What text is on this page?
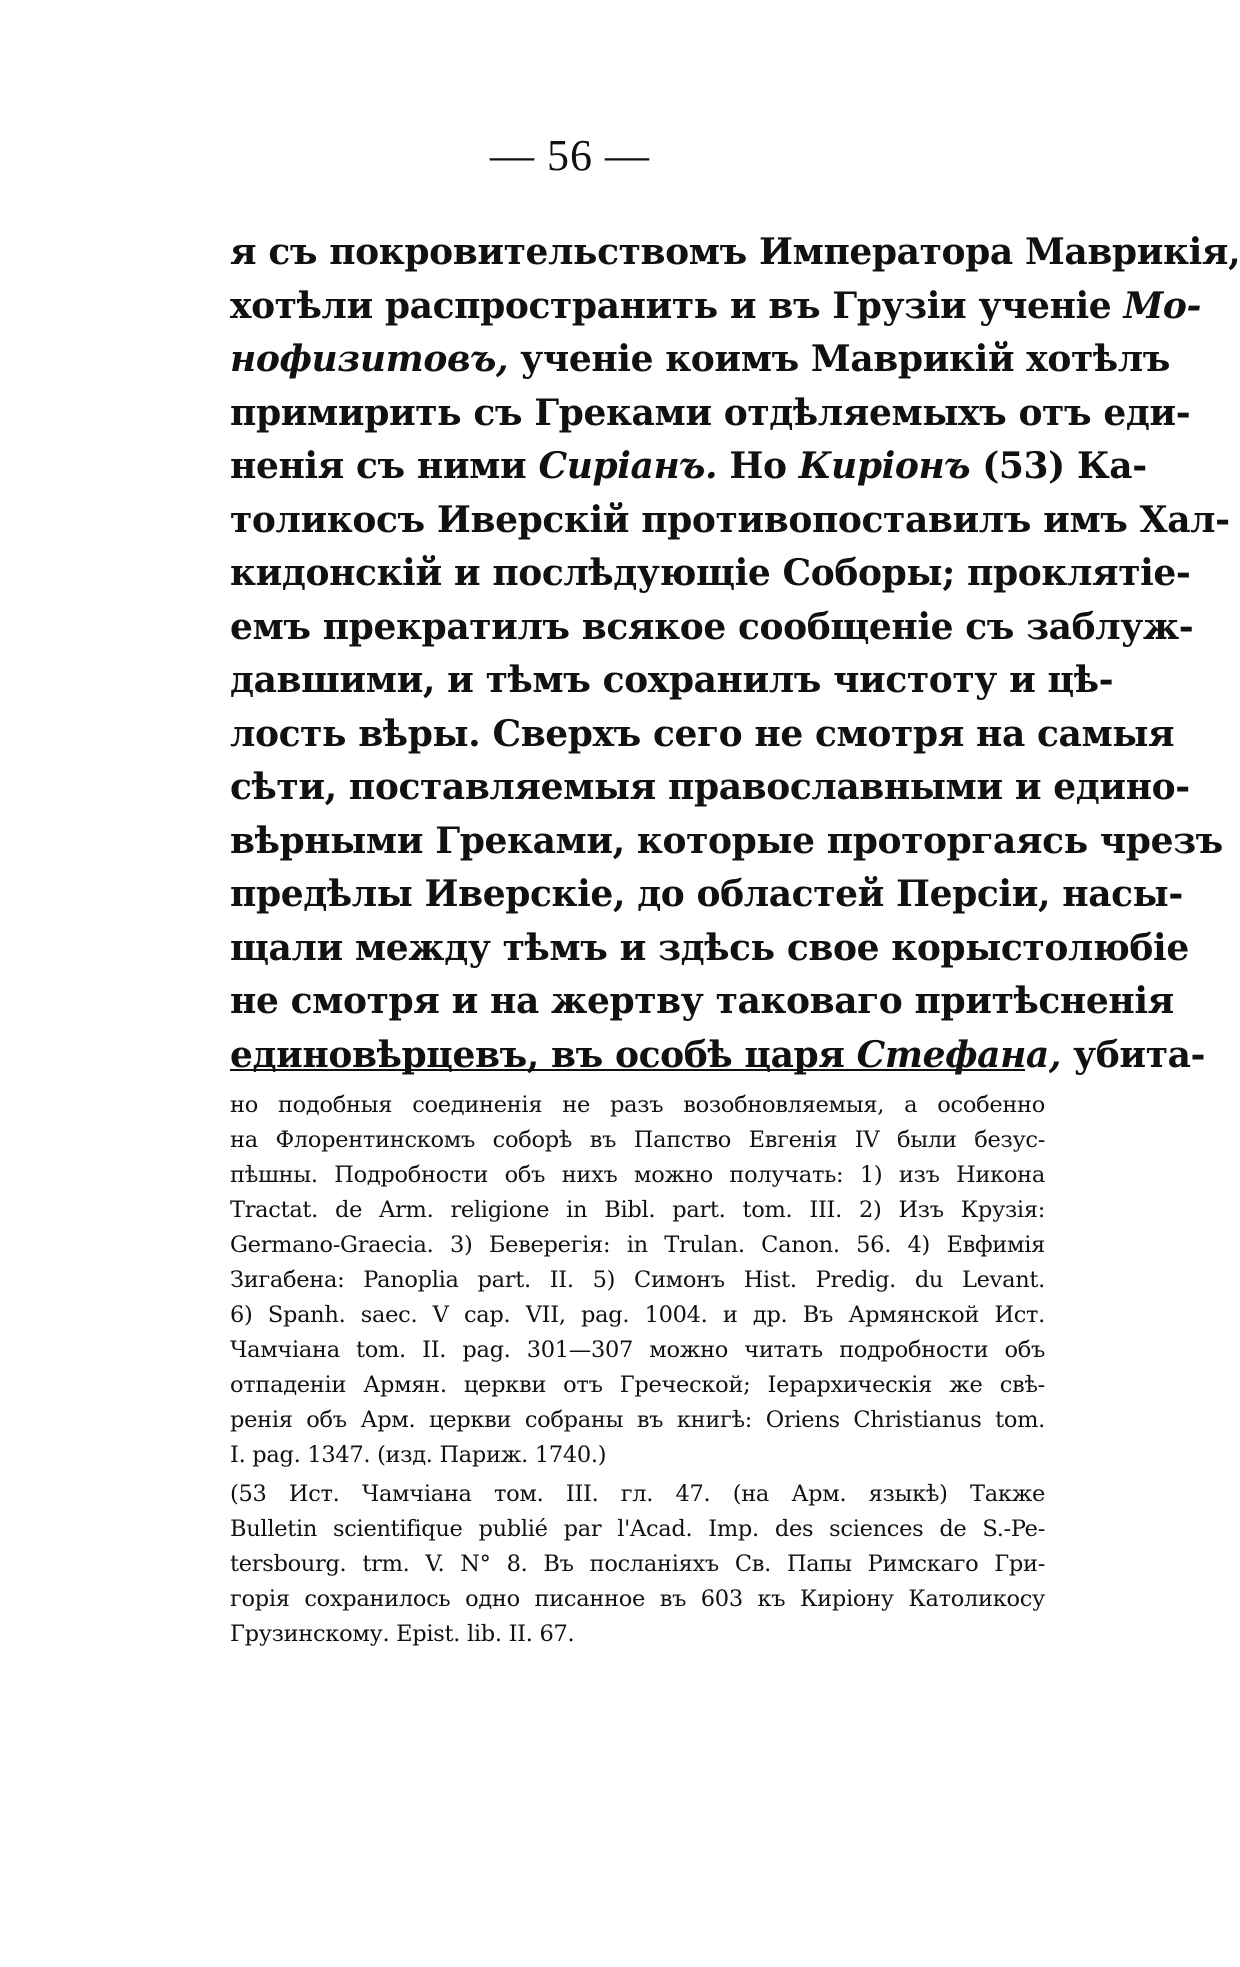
— 56 —
я съ покровительствомъ Императора Маврикія,
хотѣли распространить и въ Грузіи ученіе Мо-
нофизитовъ, ученіе коимъ Маврикій хотѣлъ
примирить съ Греками отдѣляемыхъ отъ еди-
ненія съ ними Сиріанъ. Но Киріонъ (53) Ка-
толикосъ Иверскій противопоставилъ имъ Хал-
кидонскій и послѣдующіе Соборы; проклятіе-
емъ прекратилъ всякое сообщеніе съ заблуж-
давшими, и тѣмъ сохранилъ чистоту и цѣ-
лость вѣры. Сверхъ сего не смотря на самыя
сѣти, поставляемыя православными и едино-
вѣрными Греками, которые проторгаясь чрезъ
предѣлы Иверскіе, до областей Персіи, насы-
щали между тѣмъ и здѣсь свое корыстолюбіе
не смотря и на жертву таковаго притѣсненія
единовѣрцевъ, въ особѣ царя Стефана, убита-
но подобныя соединенія не разъ возобновляемыя, а особенно
на Флорентинскомъ соборѣ въ Папство Евгенія IV были безус-
пѣшны. Подробности объ нихъ можно получать: 1) изъ Никона
Tractat. de Arm. religione in Bibl. part. tom. III. 2) Изъ Крузія:
Germano-Graecia. 3) Беверегія: in Trulan. Canon. 56. 4) Евфимія
Зигабена: Panoplia part. II. 5) Симонъ Hist. Predig. du Levant.
6) Spanh. saec. V cap. VII, pag. 1004. и др. Въ Армянской Ист.
Чамчіана tom. II. pag. 301—307 можно читать подробности объ
отпаденіи Армян. церкви отъ Греческой; Іерархическія же свѣ-
ренія объ Арм. церкви собраны въ книгѣ: Oriens Christianus tom.
I. pag. 1347. (изд. Париж. 1740.)
(53 Ист. Чамчіана том. III. гл. 47. (на Арм. языкѣ) Также
Bulletin scientifique publié par l'Acad. Imp. des sciences de S.-Pe-
tersbourg. trm. V. N° 8. Въ посланіяхъ Св. Папы Римскаго Гри-
горія сохранилось одно писанное въ 603 къ Киріону Католикосу
Грузинскому. Epist. lib. II. 67.
